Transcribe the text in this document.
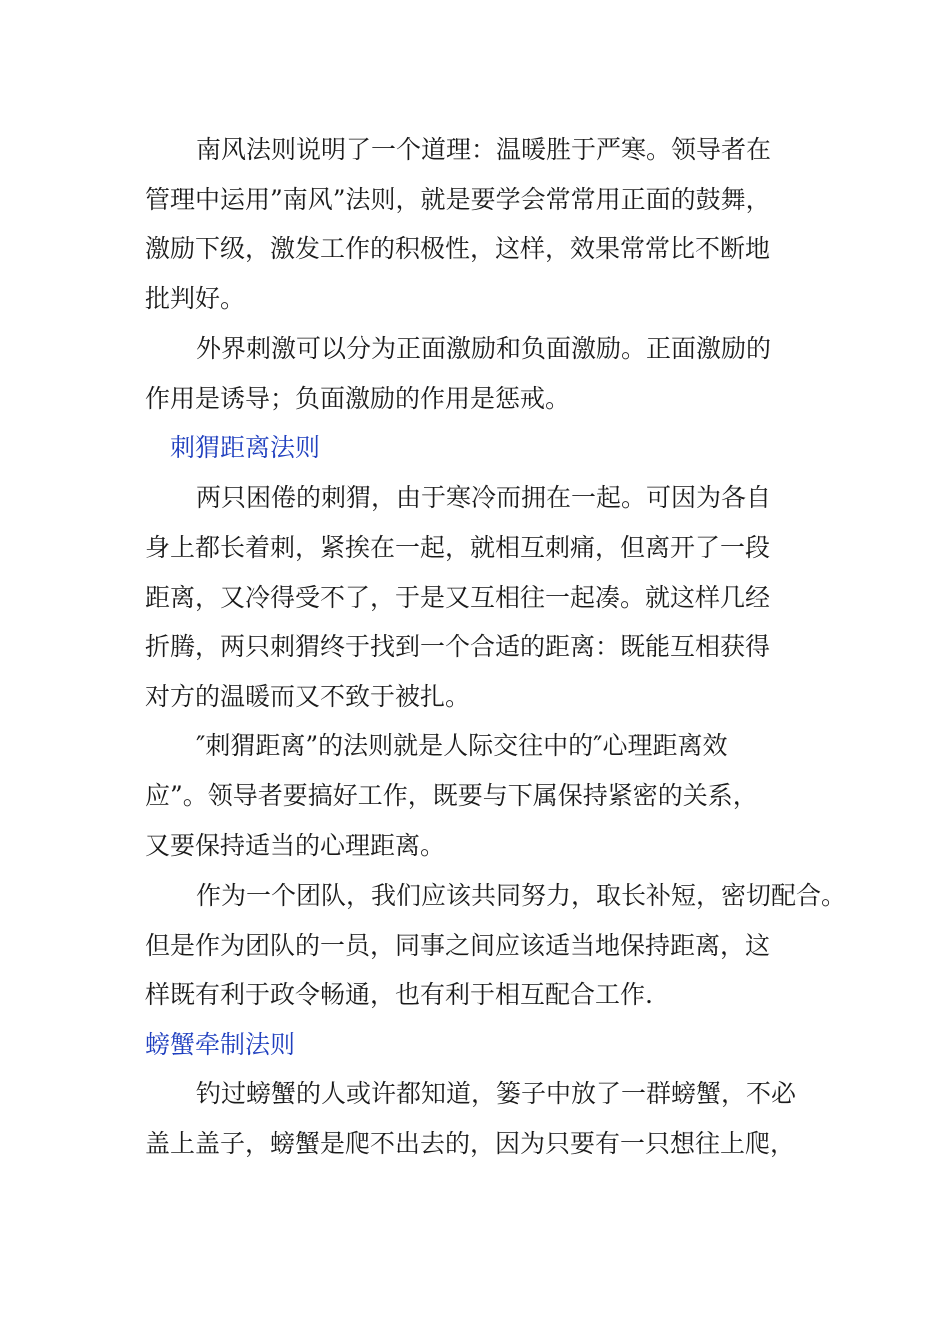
南风法则说明了一个道理：温暖胜于严寒。领导者在
管理中运用”南风”法则，就是要学会常常用正面的鼓舞，
激励下级，激发工作的积极性，这样，效果常常比不断地
批判好。
外界刺激可以分为正面激励和负面激励。正面激励的
作用是诱导；负面激励的作用是惩戒。
刺猬距离法则
两只困倦的刺猬，由于寒冷而拥在一起。可因为各自
身上都长着刺，紧挨在一起，就相互刺痛，但离开了一段
距离，又冷得受不了，于是又互相往一起凑。就这样几经
折腾，两只刺猬终于找到一个合适的距离：既能互相获得
对方的温暖而又不致于被扎。
″刺猬距离”的法则就是人际交往中的″心理距离效
应”。领导者要搞好工作，既要与下属保持紧密的关系，
又要保持适当的心理距离。
作为一个团队，我们应该共同努力，取长补短，密切配合。
但是作为团队的一员，同事之间应该适当地保持距离，这
样既有利于政令畅通，也有利于相互配合工作.
螃蟹牵制法则
钓过螃蟹的人或许都知道，篓子中放了一群螃蟹，不必
盖上盖子，螃蟹是爬不出去的，因为只要有一只想往上爬，
